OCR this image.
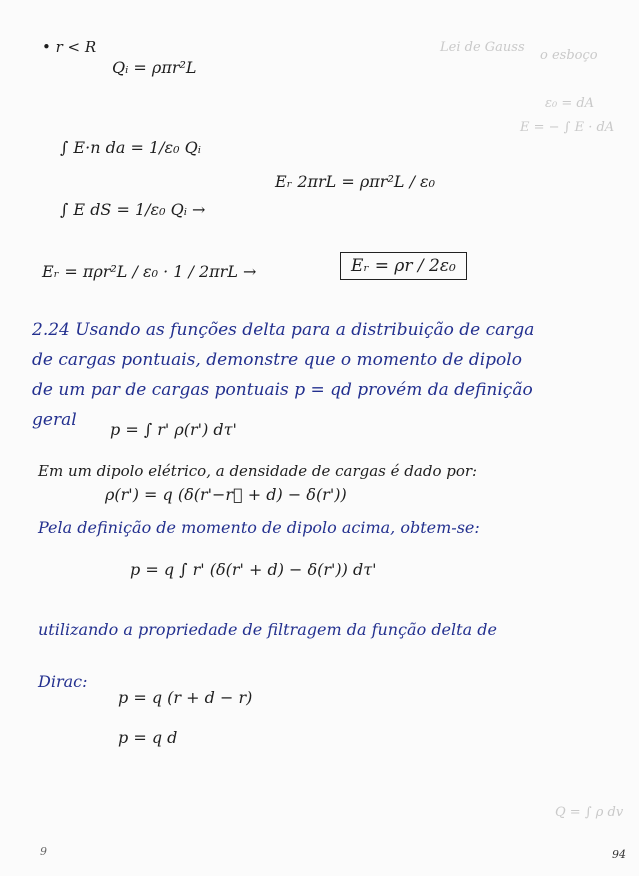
Lei de Gauss
o esboço
ε₀ = dA
E = − ∫ E · dA
Q = ∫ ρ dv
• r < R
Qᵢ = ρπr²L
∫ E·n da = 1/ε₀ Qᵢ
∫ E dS = 1/ε₀ Qᵢ →
Eᵣ 2πrL = ρπr²L / ε₀
Eᵣ = πρr²L / ε₀ · 1 / 2πrL →	Eᵣ = ρr / 2ε₀
2.24 Usando as funções delta para a distribuição de carga
de cargas pontuais, demonstre que o momento de dipolo
de um par de cargas pontuais p = qd provém da definição
geral p = ∫ r' ρ(r') dτ'
Em um dipolo elétrico, a densidade de cargas é dado por:
ρ(r') = q (δ(r'−r⃗ + d) − δ(r'))
Pela definição de momento de dipolo acima, obtem-se:
p = q ∫ r' (δ(r' + d) − δ(r')) dτ'
utilizando a propriedade de filtragem da função delta de
Dirac:
p = q (r + d − r)
p = q d
9	94
